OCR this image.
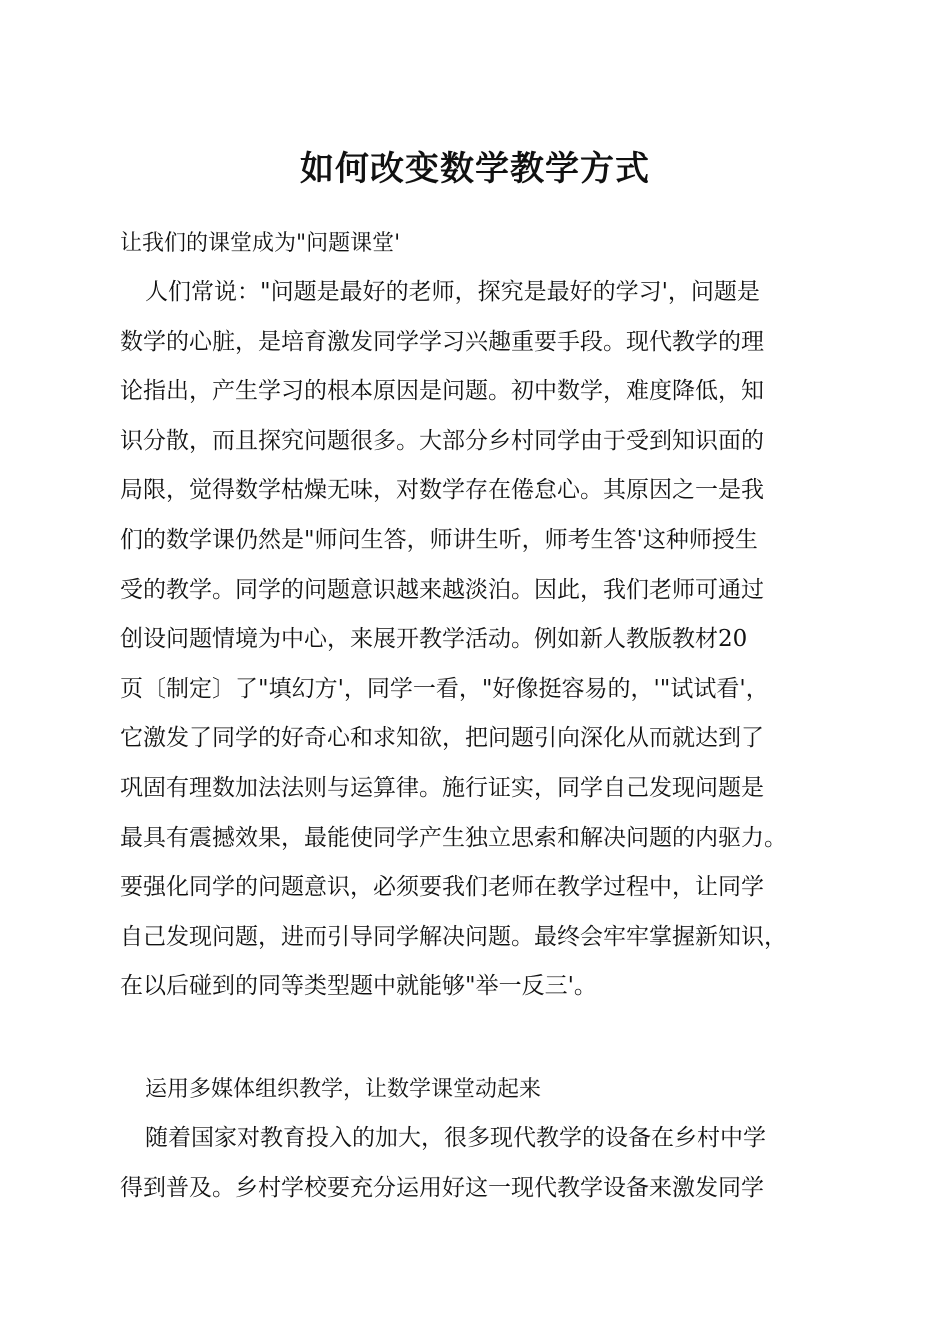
如何改变数学教学方式
让我们的课堂成为"问题课堂'
人们常说："问题是最好的老师，探究是最好的学习'，问题是
数学的心脏，是培育激发同学学习兴趣重要手段。现代教学的理
论指出，产生学习的根本原因是问题。初中数学，难度降低，知
识分散，而且探究问题很多。大部分乡村同学由于受到知识面的
局限，觉得数学枯燥无味，对数学存在倦怠心。其原因之一是我
们的数学课仍然是"师问生答，师讲生听，师考生答'这种师授生
受的教学。同学的问题意识越来越淡泊。因此，我们老师可通过
创设问题情境为中心，来展开教学活动。例如新人教版教材20
页〔制定〕了"填幻方'，同学一看，"好像挺容易的，'"试试看'，
它激发了同学的好奇心和求知欲，把问题引向深化从而就达到了
巩固有理数加法法则与运算律。施行证实，同学自己发现问题是
最具有震撼效果，最能使同学产生独立思索和解决问题的内驱力。
要强化同学的问题意识，必须要我们老师在教学过程中，让同学
自己发现问题，进而引导同学解决问题。最终会牢牢掌握新知识，
在以后碰到的同等类型题中就能够"举一反三'。
运用多媒体组织教学，让数学课堂动起来
随着国家对教育投入的加大，很多现代教学的设备在乡村中学
得到普及。乡村学校要充分运用好这一现代教学设备来激发同学
